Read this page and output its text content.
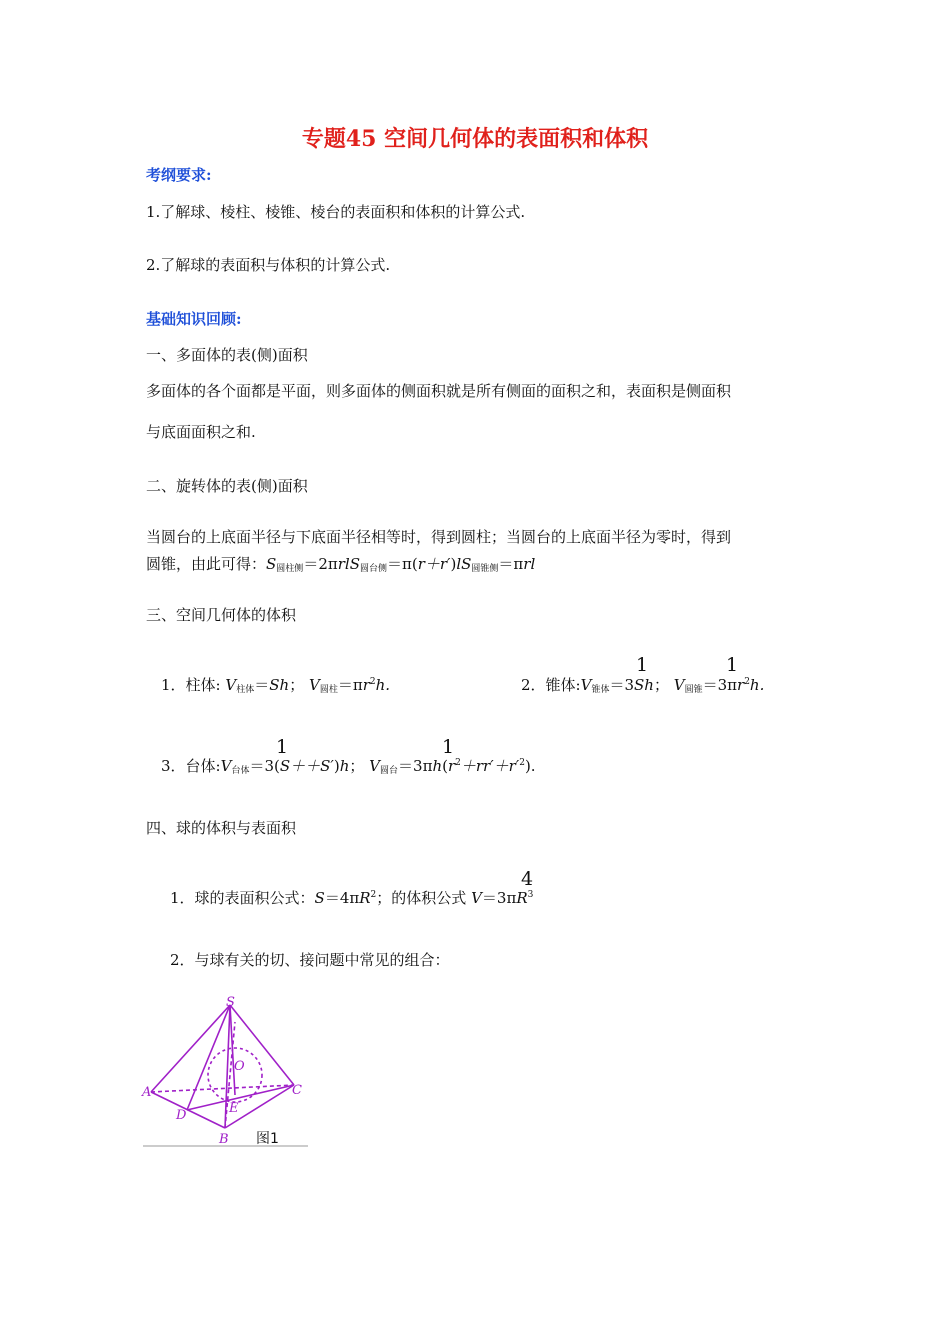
专题45 空间几何体的表面积和体积
考纲要求:
1.了解球、棱柱、棱锥、棱台的表面积和体积的计算公式.
2.了解球的表面积与体积的计算公式.
基础知识回顾:
一、多面体的表(侧)面积
多面体的各个面都是平面，则多面体的侧面积就是所有侧面的面积之和，表面积是侧面积
与底面面积之和.
二、旋转体的表(侧)面积
当圆台的上底面半径与下底面半径相等时，得到圆柱；当圆台的上底面半径为零时，得到
圆锥，由此可得：$S_{圆柱侧}=2\pi rlS_{圆台侧}=\pi(r+r')lS_{圆锥侧}=\pi rl$
三、空间几何体的体积
1．柱体: $V_{柱体}=Sh$； $V_{圆柱}=\pi r^2h$.
1	1
2．锥体$:V_{锥体}=3Sh$； $V_{圆锥}=3\pi r^2h$.
1	1
3．台体$:V_{台体}=3(S++S')h$； $V_{圆台}=3\pi h(r^2+rr'+r'^2)$.
四、球的体积与表面积
4
1．球的表面积公式：$S=4\pi R^2$；的体积公式 $V=3\pi R^3$
2．与球有关的切、接问题中常见的组合：
S
O
A	C
D	E
B 图1
